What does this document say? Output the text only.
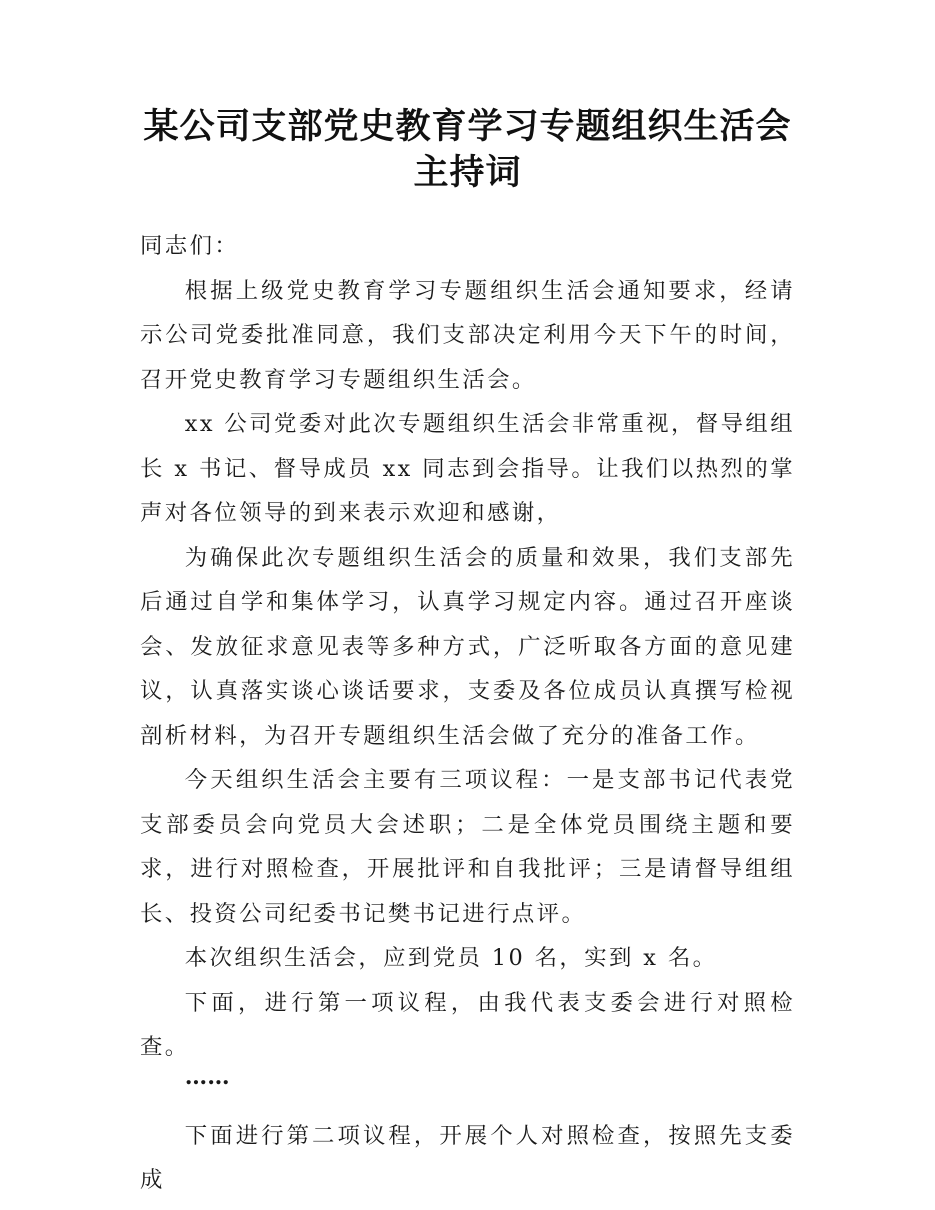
某公司支部党史教育学习专题组织生活会主持词

同志们：

根据上级党史教育学习专题组织生活会通知要求，经请示公司党委批准同意，我们支部决定利用今天下午的时间，召开党史教育学习专题组织生活会。

xx 公司党委对此次专题组织生活会非常重视，督导组组长 x 书记、督导成员 xx 同志到会指导。让我们以热烈的掌声对各位领导的到来表示欢迎和感谢，

为确保此次专题组织生活会的质量和效果，我们支部先后通过自学和集体学习，认真学习规定内容。通过召开座谈会、发放征求意见表等多种方式，广泛听取各方面的意见建议，认真落实谈心谈话要求，支委及各位成员认真撰写检视剖析材料，为召开专题组织生活会做了充分的准备工作。

今天组织生活会主要有三项议程：一是支部书记代表党支部委员会向党员大会述职；二是全体党员围绕主题和要求，进行对照检查，开展批评和自我批评；三是请督导组组长、投资公司纪委书记樊书记进行点评。

本次组织生活会，应到党员 10 名，实到 x 名。

下面，进行第一项议程，由我代表支委会进行对照检查。

……

下面进行第二项议程，开展个人对照检查，按照先支委成
